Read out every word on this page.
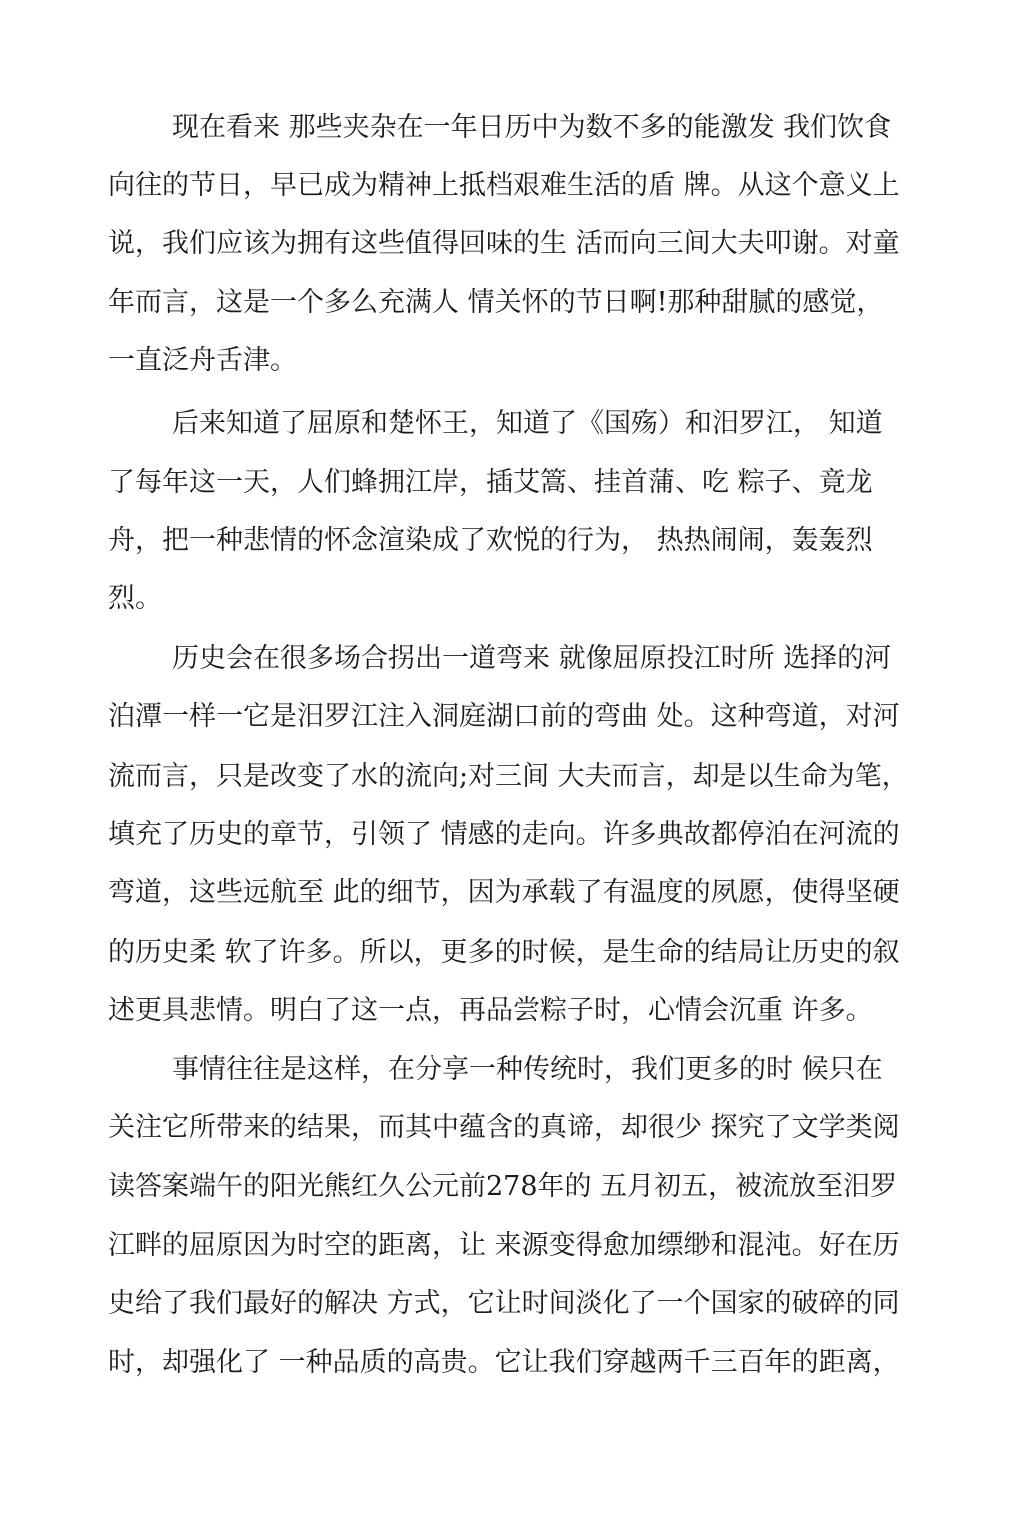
现在看来 那些夹杂在一年日历中为数不多的能激发 我们饮食
向往的节日，早已成为精神上抵档艰难生活的盾 牌。从这个意义上
说，我们应该为拥有这些值得回味的生 活而向三间大夫叩谢。对童
年而言，这是一个多么充满人 情关怀的节日啊!那种甜腻的感觉，
一直泛舟舌津。
后来知道了屈原和楚怀王，知道了《国殇）和汨罗江， 知道
了每年这一天，人们蜂拥江岸，插艾篙、挂首蒲、吃 粽子、竟龙
舟，把一种悲情的怀念渲染成了欢悦的行为， 热热闹闹，轰轰烈
烈。
历史会在很多场合拐出一道弯来 就像屈原投江时所 选择的河
泊潭一样一它是汨罗江注入洞庭湖口前的弯曲 处。这种弯道，对河
流而言，只是改变了水的流向;对三间 大夫而言，却是以生命为笔，
填充了历史的章节，引领了 情感的走向。许多典故都停泊在河流的
弯道，这些远航至 此的细节，因为承载了有温度的夙愿，使得坚硬
的历史柔 软了许多。所以，更多的时候，是生命的结局让历史的叙
述更具悲情。明白了这一点，再品尝粽子时，心情会沉重 许多。
事情往往是这样，在分享一种传统时，我们更多的时 候只在
关注它所带来的结果，而其中蕴含的真谛，却很少 探究了文学类阅
读答案端午的阳光熊红久公元前278年的 五月初五，被流放至汨罗
江畔的屈原因为时空的距离，让 来源变得愈加缥缈和混沌。好在历
史给了我们最好的解决 方式，它让时间淡化了一个国家的破碎的同
时，却强化了 一种品质的高贵。它让我们穿越两千三百年的距离，
